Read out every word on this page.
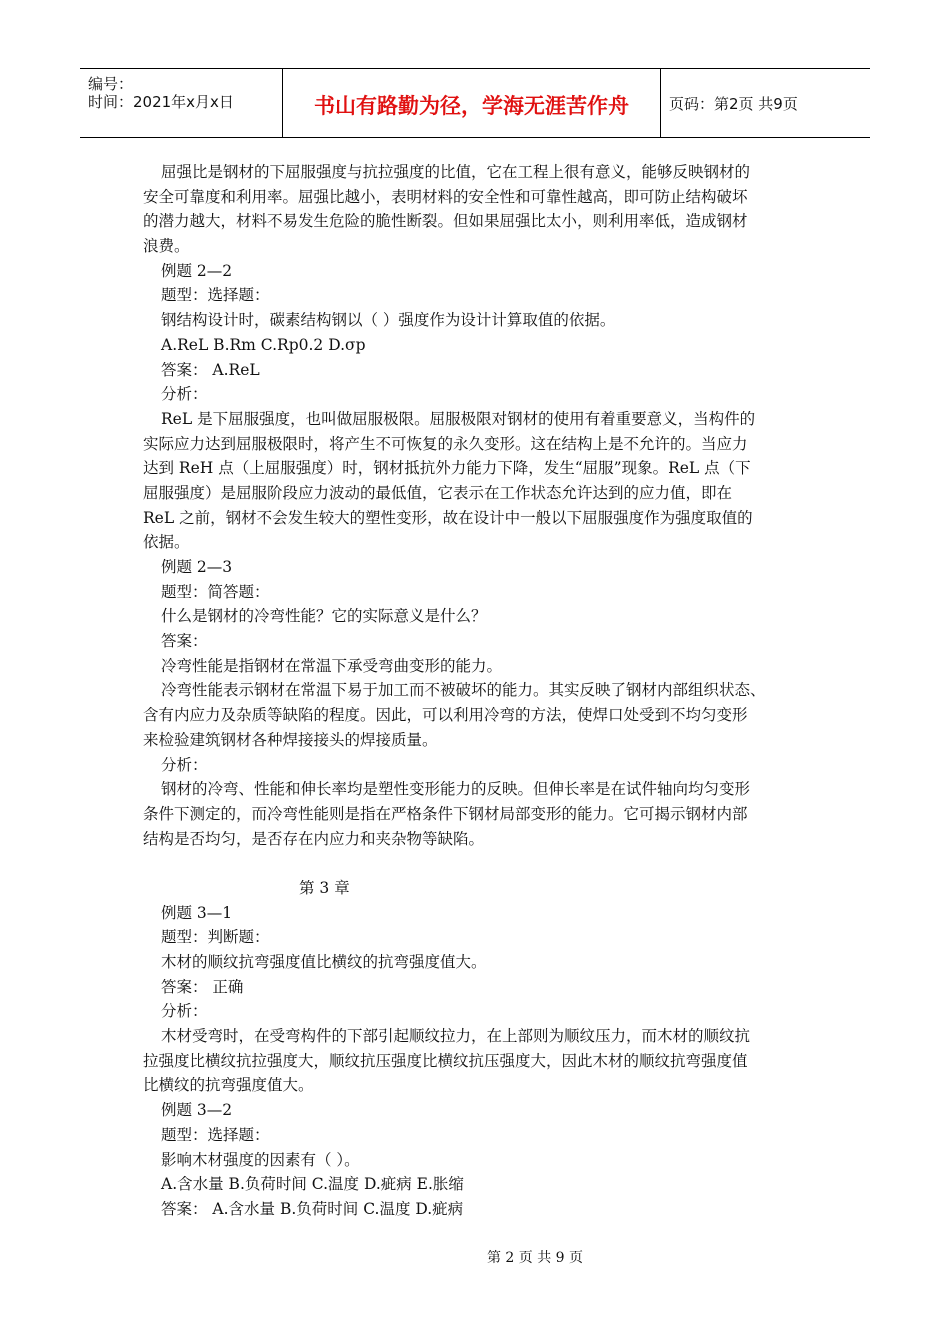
编号：
时间：2021年x月x日	书山有路勤为径，学海无涯苦作舟	页码：第2页 共9页
屈强比是钢材的下屈服强度与抗拉强度的比值，它在工程上很有意义，能够反映钢材的
安全可靠度和利用率。屈强比越小，表明材料的安全性和可靠性越高，即可防止结构破坏
的潜力越大，材料不易发生危险的脆性断裂。但如果屈强比太小，则利用率低，造成钢材
浪费。
例题 2—2
题型：选择题：
钢结构设计时，碳素结构钢以（ ）强度作为设计计算取值的依据。
A.ReL B.Rm C.Rp0.2 D.σp
答案： A.ReL
分析：
ReL 是下屈服强度，也叫做屈服极限。屈服极限对钢材的使用有着重要意义，当构件的
实际应力达到屈服极限时，将产生不可恢复的永久变形。这在结构上是不允许的。当应力
达到 ReH 点（上屈服强度）时，钢材抵抗外力能力下降，发生“屈服”现象。ReL 点（下
屈服强度）是屈服阶段应力波动的最低值，它表示在工作状态允许达到的应力值，即在
ReL 之前，钢材不会发生较大的塑性变形，故在设计中一般以下屈服强度作为强度取值的
依据。
例题 2—3
题型：简答题：
什么是钢材的冷弯性能？它的实际意义是什么？
答案：
冷弯性能是指钢材在常温下承受弯曲变形的能力。
冷弯性能表示钢材在常温下易于加工而不被破坏的能力。其实反映了钢材内部组织状态、
含有内应力及杂质等缺陷的程度。因此，可以利用冷弯的方法，使焊口处受到不均匀变形
来检验建筑钢材各种焊接接头的焊接质量。
分析：
钢材的冷弯、性能和伸长率均是塑性变形能力的反映。但伸长率是在试件轴向均匀变形
条件下测定的，而冷弯性能则是指在严格条件下钢材局部变形的能力。它可揭示钢材内部
结构是否均匀，是否存在内应力和夹杂物等缺陷。
第 3 章
例题 3—1
题型：判断题：
木材的顺纹抗弯强度值比横纹的抗弯强度值大。
答案： 正确
分析：
木材受弯时，在受弯构件的下部引起顺纹拉力，在上部则为顺纹压力，而木材的顺纹抗
拉强度比横纹抗拉强度大，顺纹抗压强度比横纹抗压强度大，因此木材的顺纹抗弯强度值
比横纹的抗弯强度值大。
例题 3—2
题型：选择题：
影响木材强度的因素有（ ）。
A.含水量 B.负荷时间 C.温度 D.疵病 E.胀缩
答案： A.含水量 B.负荷时间 C.温度 D.疵病
第 2 页 共 9 页
